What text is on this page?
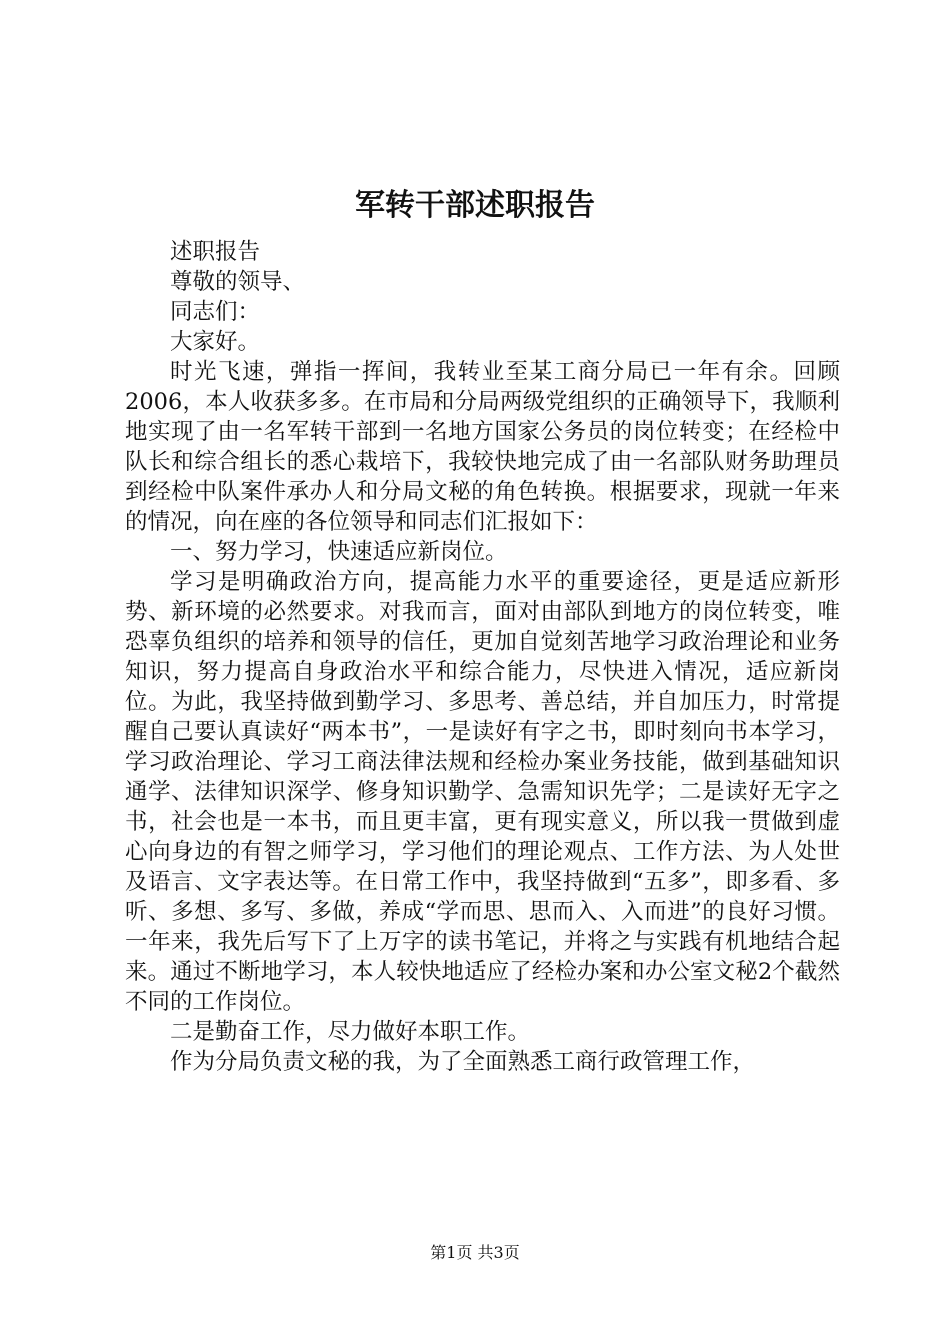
军转干部述职报告

述职报告

尊敬的领导、

同志们：

大家好。

时光飞速，弹指一挥间，我转业至某工商分局已一年有余。回顾2006，本人收获多多。在市局和分局两级党组织的正确领导下，我顺利地实现了由一名军转干部到一名地方国家公务员的岗位转变；在经检中队长和综合组长的悉心栽培下，我较快地完成了由一名部队财务助理员到经检中队案件承办人和分局文秘的角色转换。根据要求，现就一年来的情况，向在座的各位领导和同志们汇报如下：

一、努力学习，快速适应新岗位。

学习是明确政治方向，提高能力水平的重要途径，更是适应新形势、新环境的必然要求。对我而言，面对由部队到地方的岗位转变，唯恐辜负组织的培养和领导的信任，更加自觉刻苦地学习政治理论和业务知识，努力提高自身政治水平和综合能力，尽快进入情况，适应新岗位。为此，我坚持做到勤学习、多思考、善总结，并自加压力，时常提醒自己要认真读好“两本书”，一是读好有字之书，即时刻向书本学习，学习政治理论、学习工商法律法规和经检办案业务技能，做到基础知识通学、法律知识深学、修身知识勤学、急需知识先学；二是读好无字之书，社会也是一本书，而且更丰富，更有现实意义，所以我一贯做到虚心向身边的有智之师学习，学习他们的理论观点、工作方法、为人处世及语言、文字表达等。在日常工作中，我坚持做到“五多”，即多看、多听、多想、多写、多做，养成“学而思、思而入、入而进”的良好习惯。一年来，我先后写下了上万字的读书笔记，并将之与实践有机地结合起来。通过不断地学习，本人较快地适应了经检办案和办公室文秘2个截然不同的工作岗位。

二是勤奋工作，尽力做好本职工作。

作为分局负责文秘的我，为了全面熟悉工商行政管理工作，

第1页 共3页
